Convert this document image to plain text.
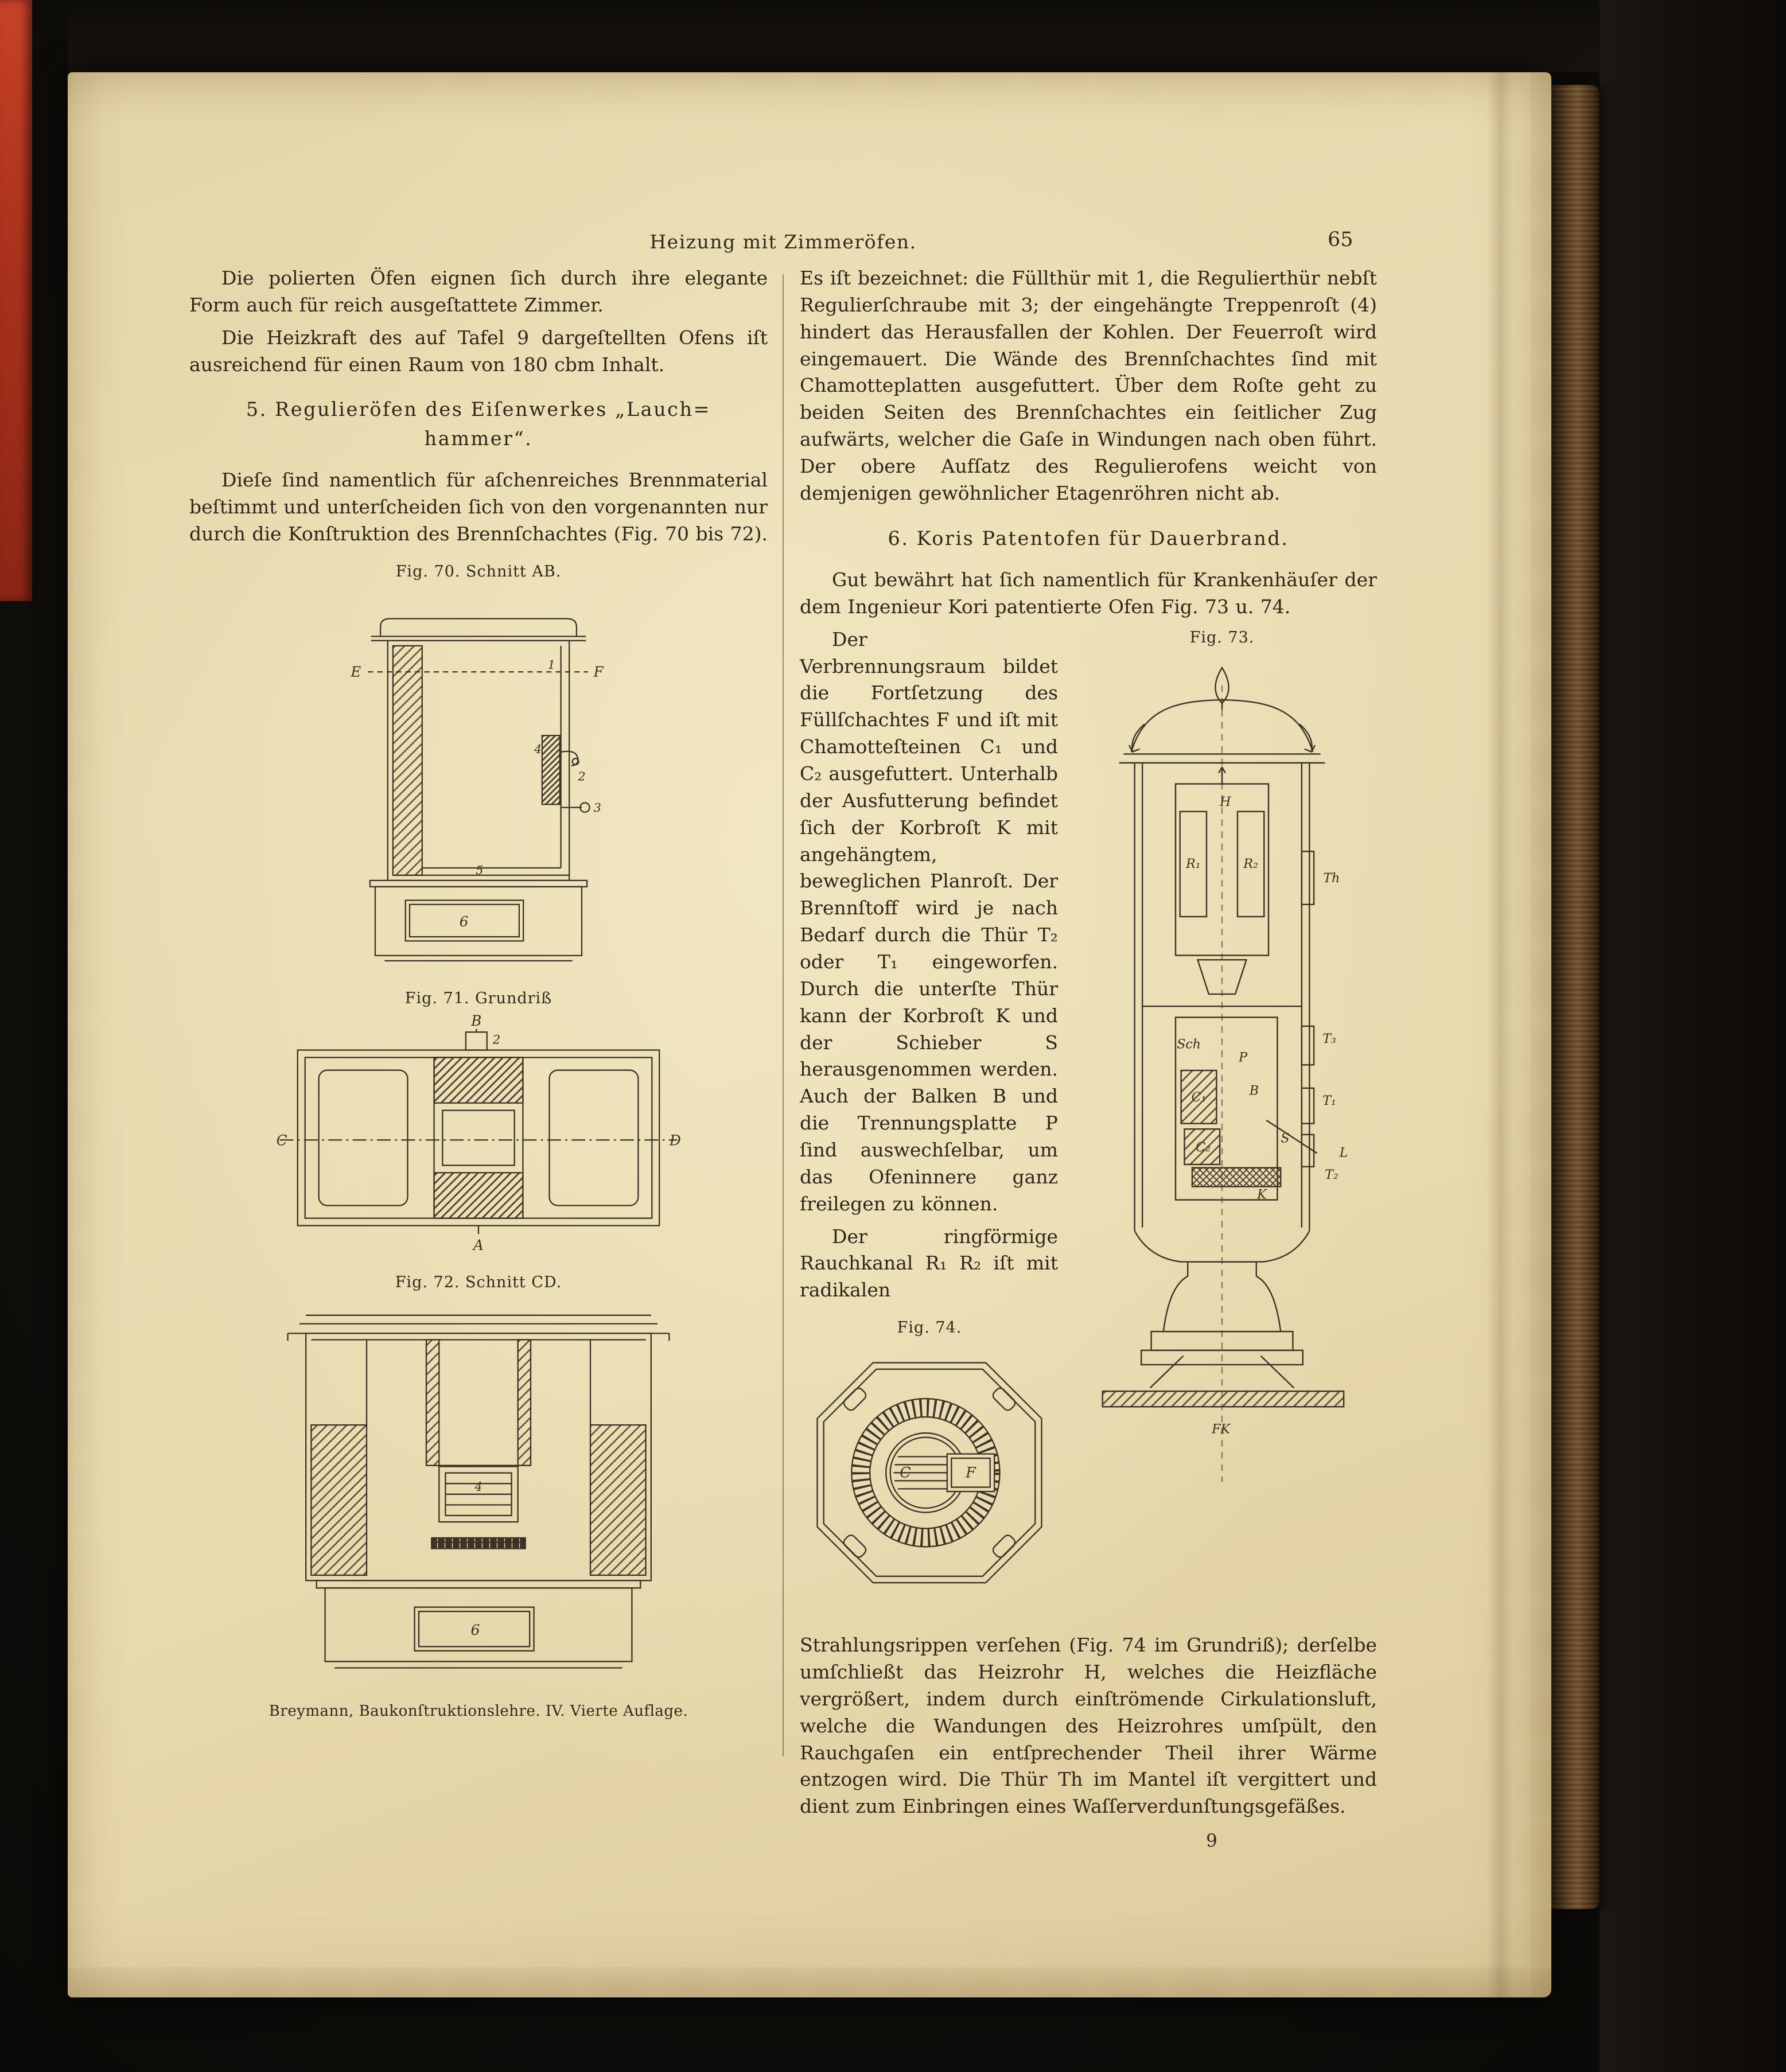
Heizung mit Zimmeröfen.	65

Die polierten Öfen eignen ſich durch ihre elegante Form auch für reich ausgeſtattete Zimmer.

Die Heizkraft des auf Tafel 9 dargeſtellten Ofens iſt ausreichend für einen Raum von 180 cbm Inhalt.

5. Regulieröfen des Eiſenwerkes „Lauch=
hammer“.

Dieſe ſind namentlich für aſchenreiches Brennmaterial beſtimmt und unterſcheiden ſich von den vorgenannten nur durch die Konſtruktion des Brennſchachtes (Fig. 70 bis 72).

Fig. 70. Schnitt AB.
E	F
1
4
2
3
5
6
Fig. 71. Grundriß
B
2
C	D
A
Fig. 72. Schnitt CD.
4
6
Breymann, Baukonſtruktionslehre. IV. Vierte Auflage.

Es iſt bezeichnet: die Füllthür mit 1, die Regulierthür nebſt Regulierſchraube mit 3; der eingehängte Treppenroſt (4) hindert das Herausfallen der Kohlen. Der Feuerroſt wird eingemauert. Die Wände des Brennſchachtes ſind mit Chamotteplatten ausgefuttert. Über dem Roſte geht zu beiden Seiten des Brennſchachtes ein ſeitlicher Zug aufwärts, welcher die Gaſe in Windungen nach oben führt. Der obere Aufſatz des Regulierofens weicht von demjenigen gewöhnlicher Etagenröhren nicht ab.

6. Koris Patentofen für Dauerbrand.

Gut bewährt hat ſich namentlich für Krankenhäuſer der dem Ingenieur Kori patentierte Ofen Fig. 73 u. 74.

Fig. 73.
H
R₁	R₂
Th
Sch
P
B
C₁
C₂
S
K
T₃
T₁
T₂
L
FK

Der Verbrennungsraum bildet die Fortſetzung des Füllſchachtes F und iſt mit Chamotteſteinen C₁ und C₂ ausgefuttert. Unterhalb der Ausfutterung befindet ſich der Korbroſt K mit angehängtem, beweglichen Planroſt. Der Brennſtoff wird je nach Bedarf durch die Thür T₂ oder T₁ eingeworfen. Durch die unterſte Thür kann der Korbroſt K und der Schieber S herausgenommen werden. Auch der Balken B und die Trennungsplatte P ſind auswechſelbar, um das Ofeninnere ganz freilegen zu können.

Der ringförmige Rauchkanal R₁ R₂ iſt mit radikalen

Fig. 74.
C	F

Strahlungsrippen verſehen (Fig. 74 im Grundriß); derſelbe umſchließt das Heizrohr H, welches die Heizfläche vergrößert, indem durch einſtrömende Cirkulationsluft, welche die Wandungen des Heizrohres umſpült, den Rauchgaſen ein entſprechender Theil ihrer Wärme entzogen wird. Die Thür Th im Mantel iſt vergittert und dient zum Einbringen eines Waſſerverdunſtungsgefäßes.

9
